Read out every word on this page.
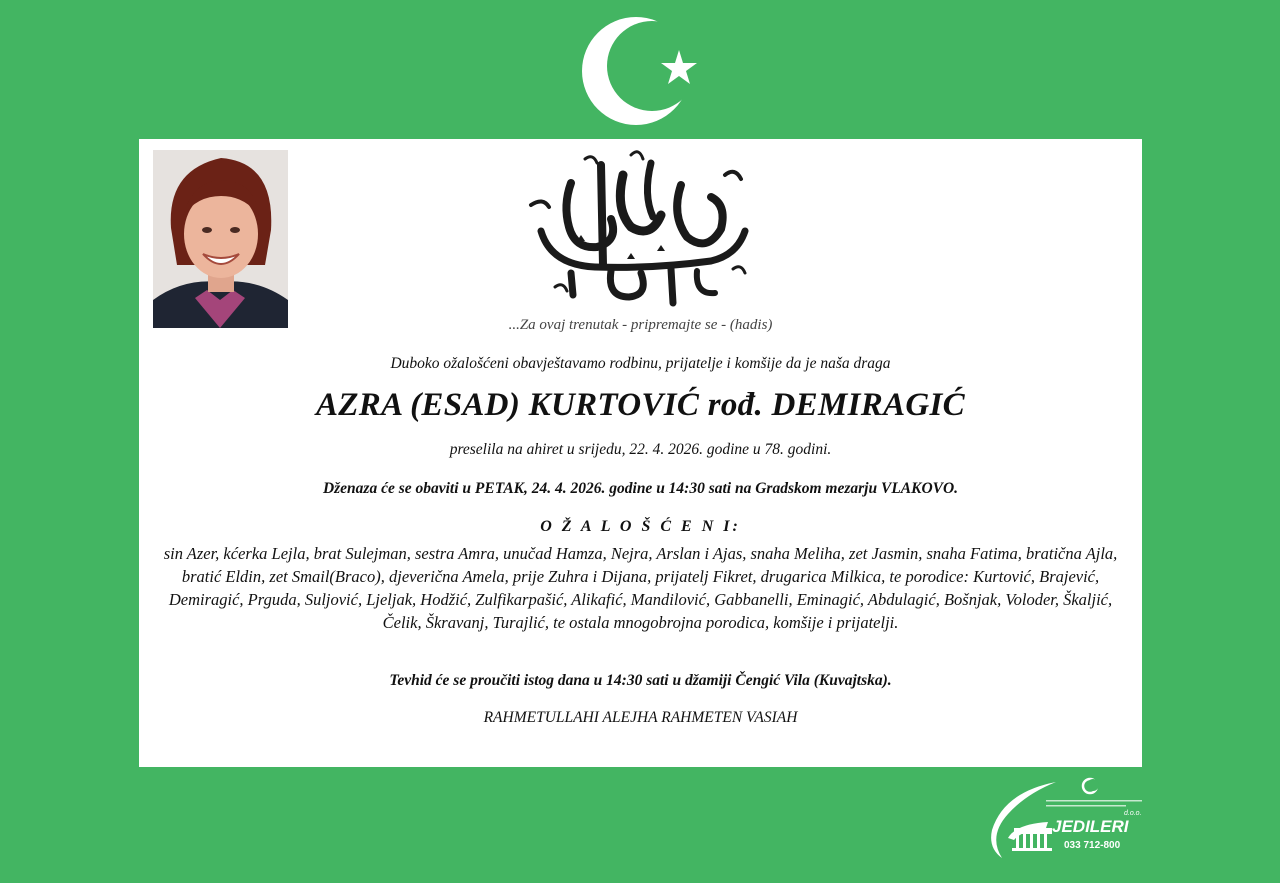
...Za ovaj trenutak - pripremajte se - (hadis)
Duboko ožalošćeni obavještavamo rodbinu, prijatelje i komšije da je naša draga
AZRA (ESAD) KURTOVIĆ rođ. DEMIRAGIĆ
preselila na ahiret u srijedu, 22. 4. 2026. godine u 78. godini.
Dženaza će se obaviti u PETAK, 24. 4. 2026. godine u 14:30 sati na Gradskom mezarju VLAKOVO.
O Ž A L O Š Ć E N I:
sin Azer, kćerka Lejla, brat Sulejman, sestra Amra, unučad Hamza, Nejra, Arslan i Ajas, snaha Meliha, zet Jasmin, snaha Fatima, bratična Ajla, bratić Eldin, zet Smail(Braco), djeverična Amela, prije Zuhra i Dijana, prijatelj Fikret, drugarica Milkica, te porodice: Kurtović, Brajević, Demiragić, Prguda, Suljović, Ljeljak, Hodžić, Zulfikarpašić, Alikafić, Mandilović, Gabbanelli, Eminagić, Abdulagić, Bošnjak, Voloder, Škaljić, Čelik, Škravanj, Turajlić, te ostala mnogobrojna porodica, komšije i prijatelji.
Tevhid će se proučiti istog dana u 14:30 sati u džamiji Čengić Vila (Kuvajtska).
RAHMETULLAHI ALEJHA RAHMETEN VASIAH
d.o.o.
JEDILERI
033 712-800
